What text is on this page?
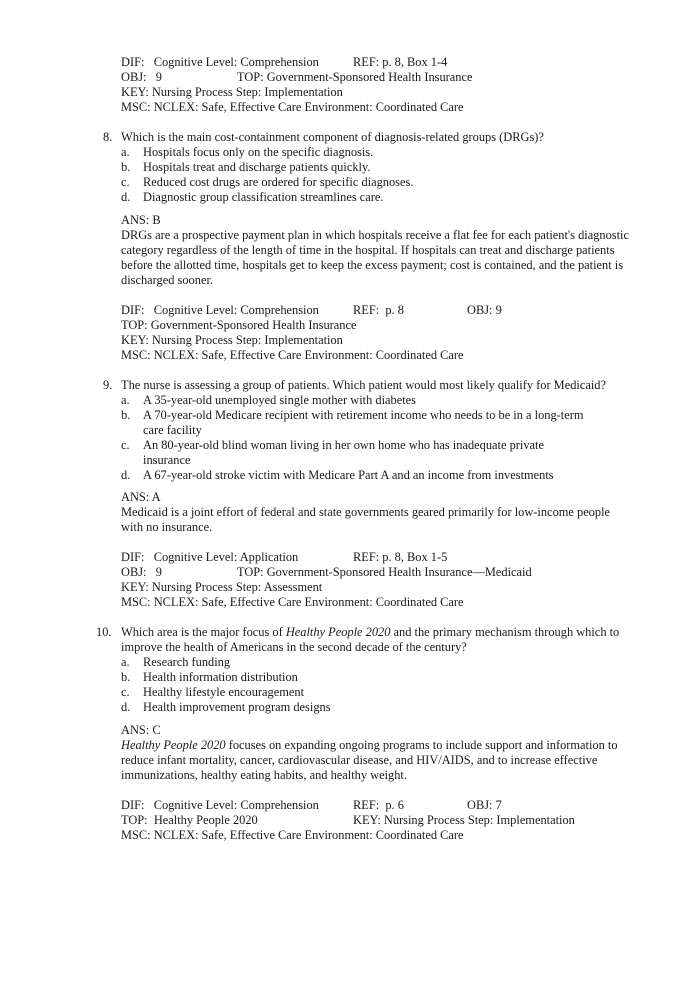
DIF:   Cognitive Level: Comprehension	REF: p. 8, Box 1-4
OBJ:   9	TOP: Government-Sponsored Health Insurance
KEY: Nursing Process Step: Implementation
MSC: NCLEX: Safe, Effective Care Environment: Coordinated Care
8. Which is the main cost-containment component of diagnosis-related groups (DRGs)?
a. Hospitals focus only on the specific diagnosis.
b. Hospitals treat and discharge patients quickly.
c. Reduced cost drugs are ordered for specific diagnoses.
d. Diagnostic group classification streamlines care.
ANS: B
DRGs are a prospective payment plan in which hospitals receive a flat fee for each patient's diagnostic
category regardless of the length of time in the hospital. If hospitals can treat and discharge patients
before the allotted time, hospitals get to keep the excess payment; cost is contained, and the patient is
discharged sooner.
DIF:   Cognitive Level: Comprehension	REF:  p. 8	OBJ: 9
TOP: Government-Sponsored Health Insurance
KEY: Nursing Process Step: Implementation
MSC: NCLEX: Safe, Effective Care Environment: Coordinated Care
9. The nurse is assessing a group of patients. Which patient would most likely qualify for Medicaid?
a. A 35-year-old unemployed single mother with diabetes
b. A 70-year-old Medicare recipient with retirement income who needs to be in a long-term
care facility
c. An 80-year-old blind woman living in her own home who has inadequate private
insurance
d. A 67-year-old stroke victim with Medicare Part A and an income from investments
ANS: A
Medicaid is a joint effort of federal and state governments geared primarily for low-income people
with no insurance.
DIF:   Cognitive Level: Application	REF: p. 8, Box 1-5
OBJ:   9	TOP: Government-Sponsored Health Insurance—Medicaid
KEY: Nursing Process Step: Assessment
MSC: NCLEX: Safe, Effective Care Environment: Coordinated Care
10. Which area is the major focus of Healthy People 2020 and the primary mechanism through which to
improve the health of Americans in the second decade of the century?
a. Research funding
b. Health information distribution
c. Healthy lifestyle encouragement
d. Health improvement program designs
ANS: C
Healthy People 2020 focuses on expanding ongoing programs to include support and information to
reduce infant mortality, cancer, cardiovascular disease, and HIV/AIDS, and to increase effective
immunizations, healthy eating habits, and healthy weight.
DIF:   Cognitive Level: Comprehension	REF:  p. 6	OBJ: 7
TOP:  Healthy People 2020	KEY: Nursing Process Step: Implementation
MSC: NCLEX: Safe, Effective Care Environment: Coordinated Care
